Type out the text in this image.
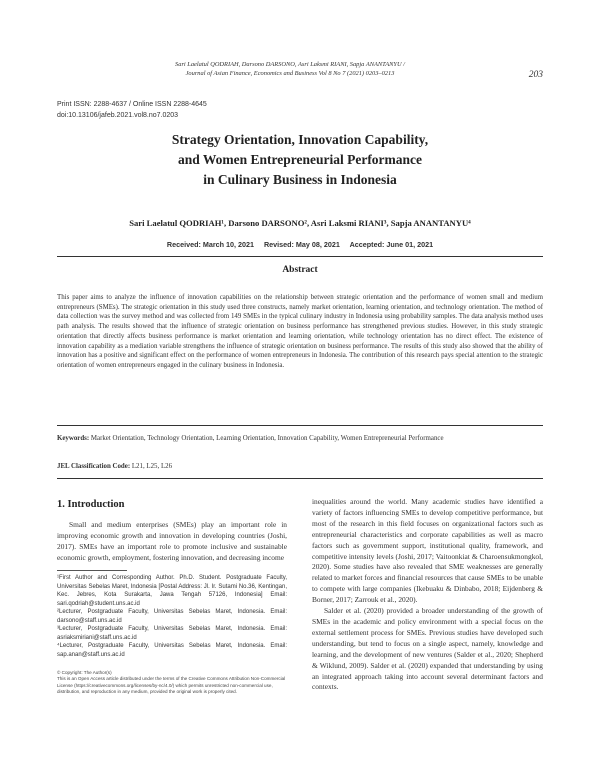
Sari Laelatul QODRIAH, Darsono DARSONO, Asri Laksmi RIANI, Sapja ANANTANYU /
Journal of Asian Finance, Economics and Business Vol 8 No 7 (2021) 0203–0213	203
Print ISSN: 2288-4637 / Online ISSN 2288-4645
doi:10.13106/jafeb.2021.vol8.no7.0203
Strategy Orientation, Innovation Capability,
and Women Entrepreneurial Performance
in Culinary Business in Indonesia
Sari Laelatul QODRIAH¹, Darsono DARSONO², Asri Laksmi RIANI³, Sapja ANANTANYU⁴
Received: March 10, 2021     Revised: May 08, 2021     Accepted: June 01, 2021
Abstract
This paper aims to analyze the influence of innovation capabilities on the relationship between strategic orientation and the performance of women small and medium entrepreneurs (SMEs). The strategic orientation in this study used three constructs, namely market orientation, learning orientation, and technology orientation. The method of data collection was the survey method and was collected from 149 SMEs in the typical culinary industry in Indonesia using probability samples. The data analysis method uses path analysis. The results showed that the influence of strategic orientation on business performance has strengthened previous studies. However, in this study strategic orientation that directly affects business performance is market orientation and learning orientation, while technology orientation has no direct effect. The existence of innovation capability as a mediation variable strengthens the influence of strategic orientation on business performance. The results of this study also showed that the ability of innovation has a positive and significant effect on the performance of women entrepreneurs in Indonesia. The contribution of this research pays special attention to the strategic orientation of women entrepreneurs engaged in the culinary business in Indonesia.
Keywords: Market Orientation, Technology Orientation, Learning Orientation, Innovation Capability, Women Entrepreneurial Performance
JEL Classification Code: L21, L25, L26
1. Introduction

Small and medium enterprises (SMEs) play an important role in improving economic growth and innovation in developing countries (Joshi, 2017). SMEs have an important role to promote inclusive and sustainable economic growth, employment, fostering innovation, and decreasing income

¹First Author and Corresponding Author. Ph.D. Student. Postgraduate Faculty, Universitas Sebelas Maret, Indonesia [Postal Address: Jl. Ir. Sutami No.36, Kentingan, Kec. Jebres, Kota Surakarta, Jawa Tengah 57126, Indonesia] Email: sari.qodriah@student.uns.ac.id
²Lecturer, Postgraduate Faculty, Universitas Sebelas Maret, Indonesia. Email: darsono@staff.uns.ac.id
³Lecturer, Postgraduate Faculty, Universitas Sebelas Maret, Indonesia. Email: asriaksmiriani@staff.uns.ac.id
⁴Lecturer, Postgraduate Faculty, Universitas Sebelas Maret, Indonesia. Email: sap.anan@staff.uns.ac.id
© Copyright: The Author(s)
This is an Open Access article distributed under the terms of the Creative Commons Attribution Non-Commercial License (https://creativecommons.org/licenses/by-nc/4.0/) which permits unrestricted non-commercial use, distribution, and reproduction in any medium, provided the original work is properly cited.

inequalities around the world. Many academic studies have identified a variety of factors influencing SMEs to develop competitive performance, but most of the research in this field focuses on organizational factors such as entrepreneurial characteristics and corporate capabilities as well as macro factors such as government support, institutional quality, framework, and competitive intensity levels (Joshi, 2017; Vaitoonkiat & Charoensukmongkol, 2020). Some studies have also revealed that SME weaknesses are generally related to market forces and financial resources that cause SMEs to be unable to compete with large companies (Ikebuaku & Dinbabo, 2018; Eijdenberg & Borner, 2017; Zarrouk et al., 2020).

Salder et al. (2020) provided a broader understanding of the growth of SMEs in the academic and policy environment with a special focus on the external settlement process for SMEs. Previous studies have developed such understanding, but tend to focus on a single aspect, namely, knowledge and learning, and the development of new ventures (Salder et al., 2020; Shepherd & Wiklund, 2009). Salder et al. (2020) expanded that understanding by using an integrated approach taking into account several determinant factors and contexts.
